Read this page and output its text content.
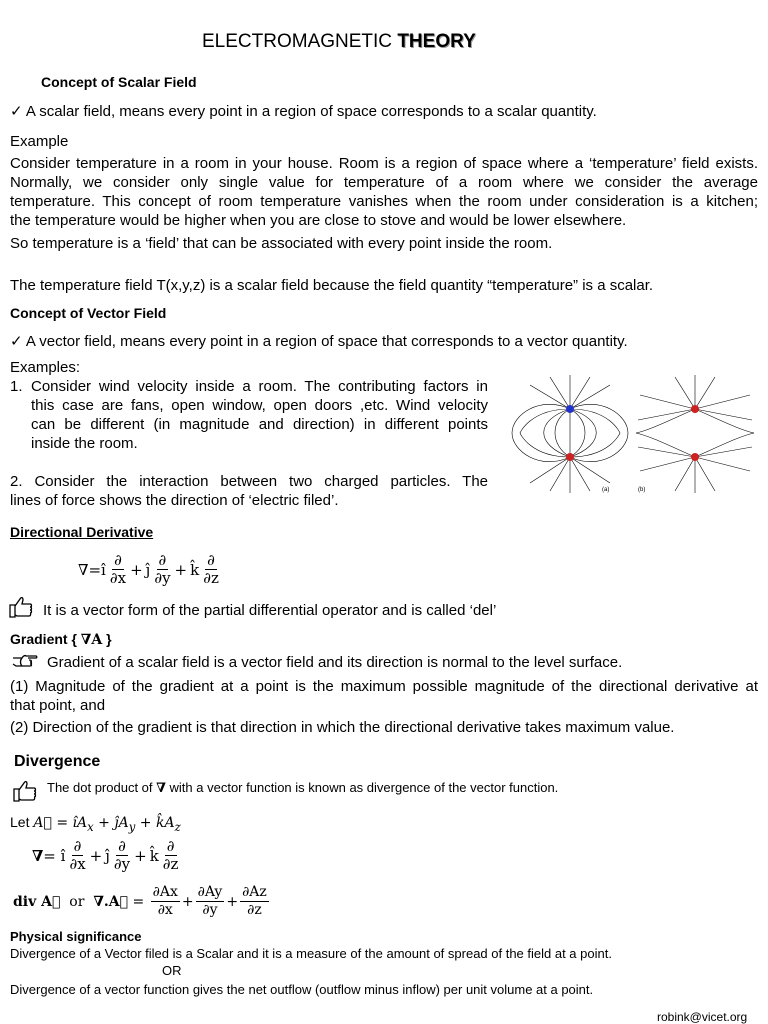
ELECTROMAGNETIC THEORY
Concept of Scalar Field
✓ A scalar field, means every point in a region of space corresponds to a scalar quantity.
Example
Consider temperature in a room in your house. Room is a region of space where a ‘temperature’ field exists.
Normally, we consider only single value for temperature of a room where we consider the average
temperature. This concept of room temperature vanishes when the room under consideration is a kitchen;
the temperature would be higher when you are close to stove and would be lower elsewhere.
So temperature is a ‘field’ that can be associated with every point inside the room.
The temperature field T(x,y,z) is a scalar field because the field quantity “temperature” is a scalar.
Concept of Vector Field
✓ A vector field, means every point in a region of space that corresponds to a vector quantity.
Examples:
1. Consider wind velocity inside a room. The contributing factors in
this case are fans, open window, open doors ,etc. Wind velocity
can be different (in magnitude and direction) in different points
inside the room.
2. Consider the interaction between two charged particles. The
lines of force shows the direction of ‘electric filed’.
(a)	(b)
Directional Derivative
∇= î $\frac{\partial}{\partial x}$ + ĵ $\frac{\partial}{\partial y}$ + k̂ $\frac{\partial}{\partial z}$
It is a vector form of the partial differential operator and is called ‘del’
Gradient { ∇A }
Gradient of a scalar field is a vector field and its direction is normal to the level surface.
(1) Magnitude of the gradient at a point is the maximum possible magnitude of the directional derivative at
that point, and
(2) Direction of the gradient is that direction in which the directional derivative takes maximum value.
Divergence
The dot product of ∇ with a vector function is known as divergence of the vector function.
Let A⃗ = $îA_x$ + $ĵA_y$ + $k̂A_z$
∇ = î $\frac{\partial}{\partial x}$ + ĵ $\frac{\partial}{\partial y}$ + k̂ $\frac{\partial}{\partial z}$
div A⃗ or ∇.A⃗ = $\frac{\partial Ax}{\partial x} + \frac{\partial Ay}{\partial y} + \frac{\partial Az}{\partial z}$
Physical significance
Divergence of a Vector filed is a Scalar and it is a measure of the amount of spread of the field at a point.
OR
Divergence of a vector function gives the net outflow (outflow minus inflow) per unit volume at a point.
robink@vicet.org
